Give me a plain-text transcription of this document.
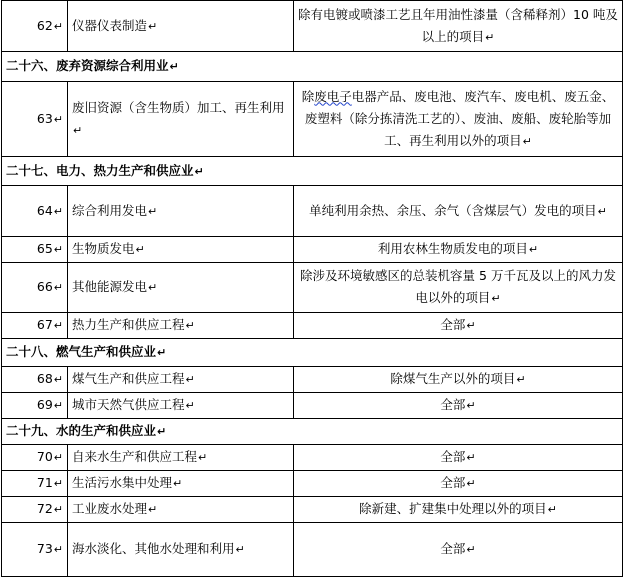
62↵	仪器仪表制造↵	除有电镀或喷漆工艺且年用油性漆量（含稀释剂）10 吨及以上的项目↵
二十六、废弃资源综合利用业↵		
63↵	废旧资源（含生物质）加工、再生利用↵	除废电子电器产品、废电池、废汽车、废电机、废五金、废塑料（除分拣清洗工艺的）、废油、废船、废轮胎等加工、再生利用以外的项目↵
二十七、电力、热力生产和供应业↵		
64↵	综合利用发电↵	单纯利用余热、余压、余气（含煤层气）发电的项目↵
65↵	生物质发电↵	利用农林生物质发电的项目↵
66↵	其他能源发电↵	除涉及环境敏感区的总装机容量 5 万千瓦及以上的风力发电以外的项目↵
67↵	热力生产和供应工程↵	全部↵
二十八、燃气生产和供应业↵		
68↵	煤气生产和供应工程↵	除煤气生产以外的项目↵
69↵	城市天然气供应工程↵	全部↵
二十九、水的生产和供应业↵		
70↵	自来水生产和供应工程↵	全部↵
71↵	生活污水集中处理↵	全部↵
72↵	工业废水处理↵	除新建、扩建集中处理以外的项目↵
73↵	海水淡化、其他水处理和利用↵	全部↵
